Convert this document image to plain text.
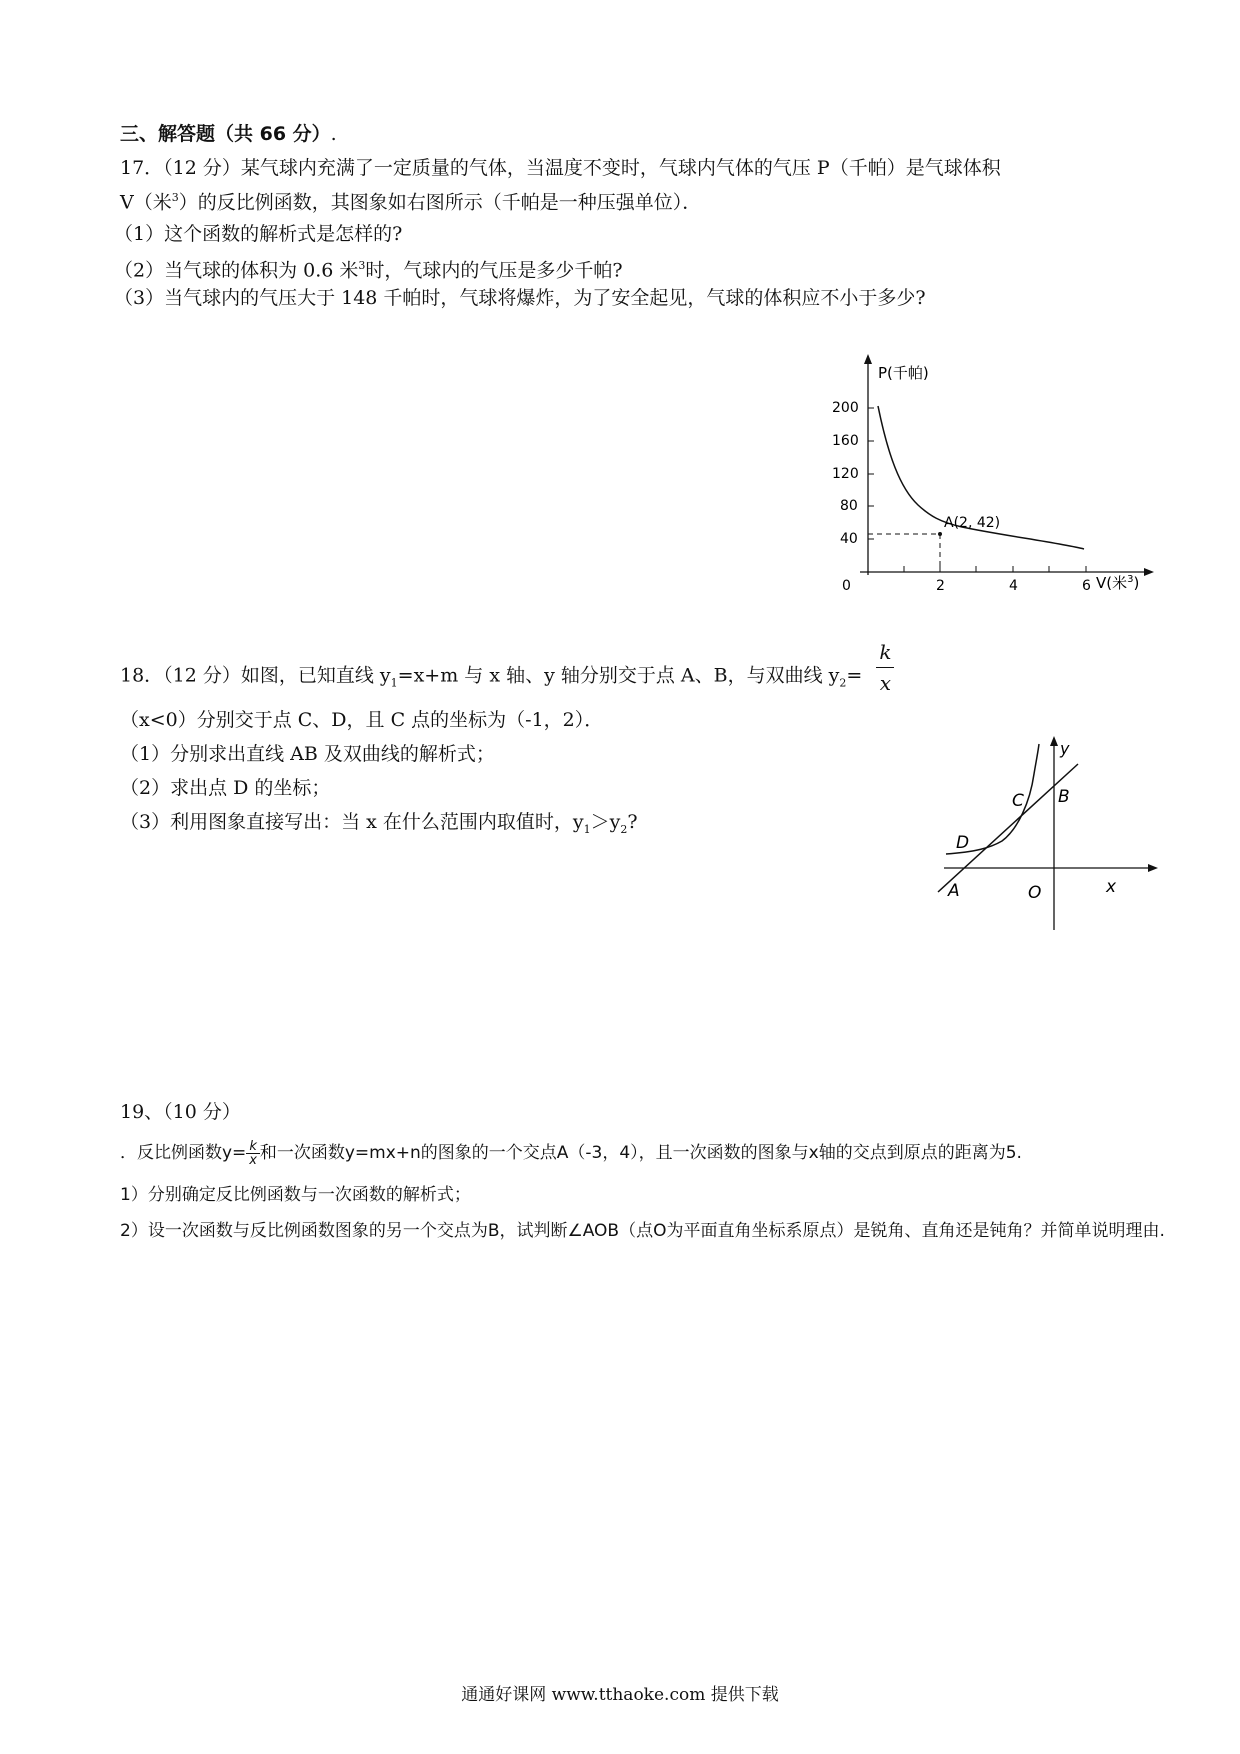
三、解答题（共 66 分）.
17．（12 分）某气球内充满了一定质量的气体，当温度不变时，气球内气体的气压 P（千帕）是气球体积
V（米$^3$）的反比例函数，其图象如右图所示（千帕是一种压强单位）．
（1）这个函数的解析式是怎样的?
（2）当气球的体积为 0.6 米$^3$时，气球内的气压是多少千帕?
（3）当气球内的气压大于 148 千帕时，气球将爆炸，为了安全起见，气球的体积应不小于多少?
P(千帕)
200
160
120
80
40
0	2	4	6
A(2, 42)
V(米$^3$)
18．（12 分）如图，已知直线 $y_1=x+m$ 与 x 轴、y 轴分别交于点 A、B，与双曲线 $y_2= \frac{k}{x}$
（x<0）分别交于点 C、D，且 C 点的坐标为（-1，2）．
（1）分别求出直线 AB 及双曲线的解析式；
（2）求出点 D 的坐标；
（3）利用图象直接写出：当 x 在什么范围内取值时，$y_1>y_2$?
y
x
O
A
B
C
D
19、（10 分）
．反比例函数$y= \frac{k}{x}$ 和一次函数y=mx+n的图象的一个交点A（-3，4），且一次函数的图象与x轴的交点到原点的距离为5.
1）分别确定反比例函数与一次函数的解析式；
2）设一次函数与反比例函数图象的另一个交点为B，试判断∠AOB（点O为平面直角坐标系原点）是锐角、直角还是钝角？并简单说明理由.
通通好课网 www.tthaoke.com 提供下载
